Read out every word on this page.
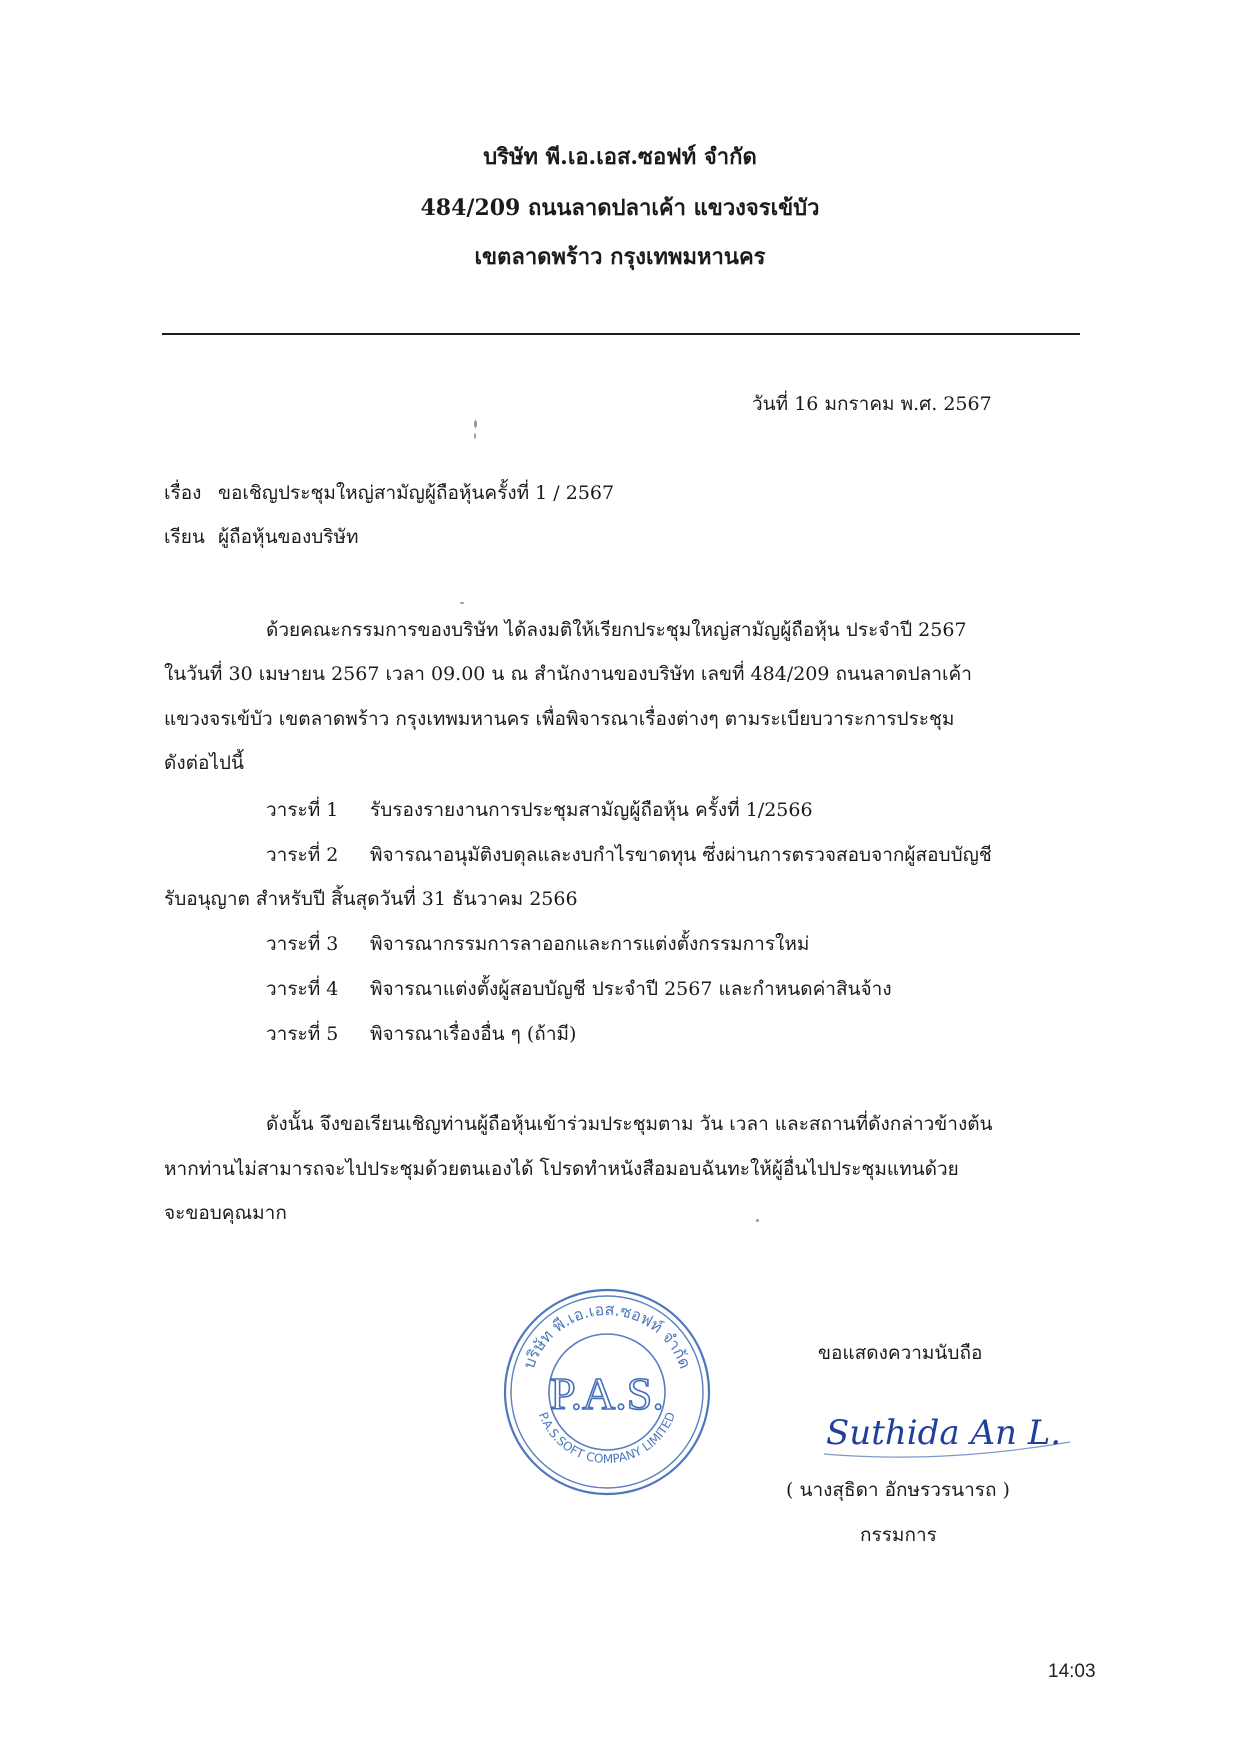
บริษัท พี.เอ.เอส.ซอฟท์ จำกัด
484/209 ถนนลาดปลาเค้า แขวงจรเข้บัว
เขตลาดพร้าว กรุงเทพมหานคร
วันที่ 16 มกราคม พ.ศ. 2567
เรื่อง ขอเชิญประชุมใหญ่สามัญผู้ถือหุ้นครั้งที่ 1 / 2567
เรียน ผู้ถือหุ้นของบริษัท
ด้วยคณะกรรมการของบริษัท ได้ลงมติให้เรียกประชุมใหญ่สามัญผู้ถือหุ้น ประจำปี 2567
ในวันที่ 30 เมษายน 2567 เวลา 09.00 น ณ สำนักงานของบริษัท เลขที่ 484/209 ถนนลาดปลาเค้า
แขวงจรเข้บัว เขตลาดพร้าว กรุงเทพมหานคร เพื่อพิจารณาเรื่องต่างๆ ตามระเบียบวาระการประชุม
ดังต่อไปนี้
วาระที่ 1 รับรองรายงานการประชุมสามัญผู้ถือหุ้น ครั้งที่ 1/2566
วาระที่ 2 พิจารณาอนุมัติงบดุลและงบกำไรขาดทุน ซึ่งผ่านการตรวจสอบจากผู้สอบบัญชี
รับอนุญาต สำหรับปี สิ้นสุดวันที่ 31 ธันวาคม 2566
วาระที่ 3 พิจารณากรรมการลาออกและการแต่งตั้งกรรมการใหม่
วาระที่ 4 พิจารณาแต่งตั้งผู้สอบบัญชี ประจำปี 2567 และกำหนดค่าสินจ้าง
วาระที่ 5 พิจารณาเรื่องอื่น ๆ (ถ้ามี)
ดังนั้น จึงขอเรียนเชิญท่านผู้ถือหุ้นเข้าร่วมประชุมตาม วัน เวลา และสถานที่ดังกล่าวข้างต้น
หากท่านไม่สามารถจะไปประชุมด้วยตนเองได้ โปรดทำหนังสือมอบฉันทะให้ผู้อื่นไปประชุมแทนด้วย
จะขอบคุณมาก
บริษัท พี.เอ.เอส.ซอฟท์ จำกัด
P.A.S.SOFT COMPANY LIMITED
P.A.S.
ขอแสดงความนับถือ
Suthida An L.
( นางสุธิดา อักษรวรนารถ )
กรรมการ
14:03
